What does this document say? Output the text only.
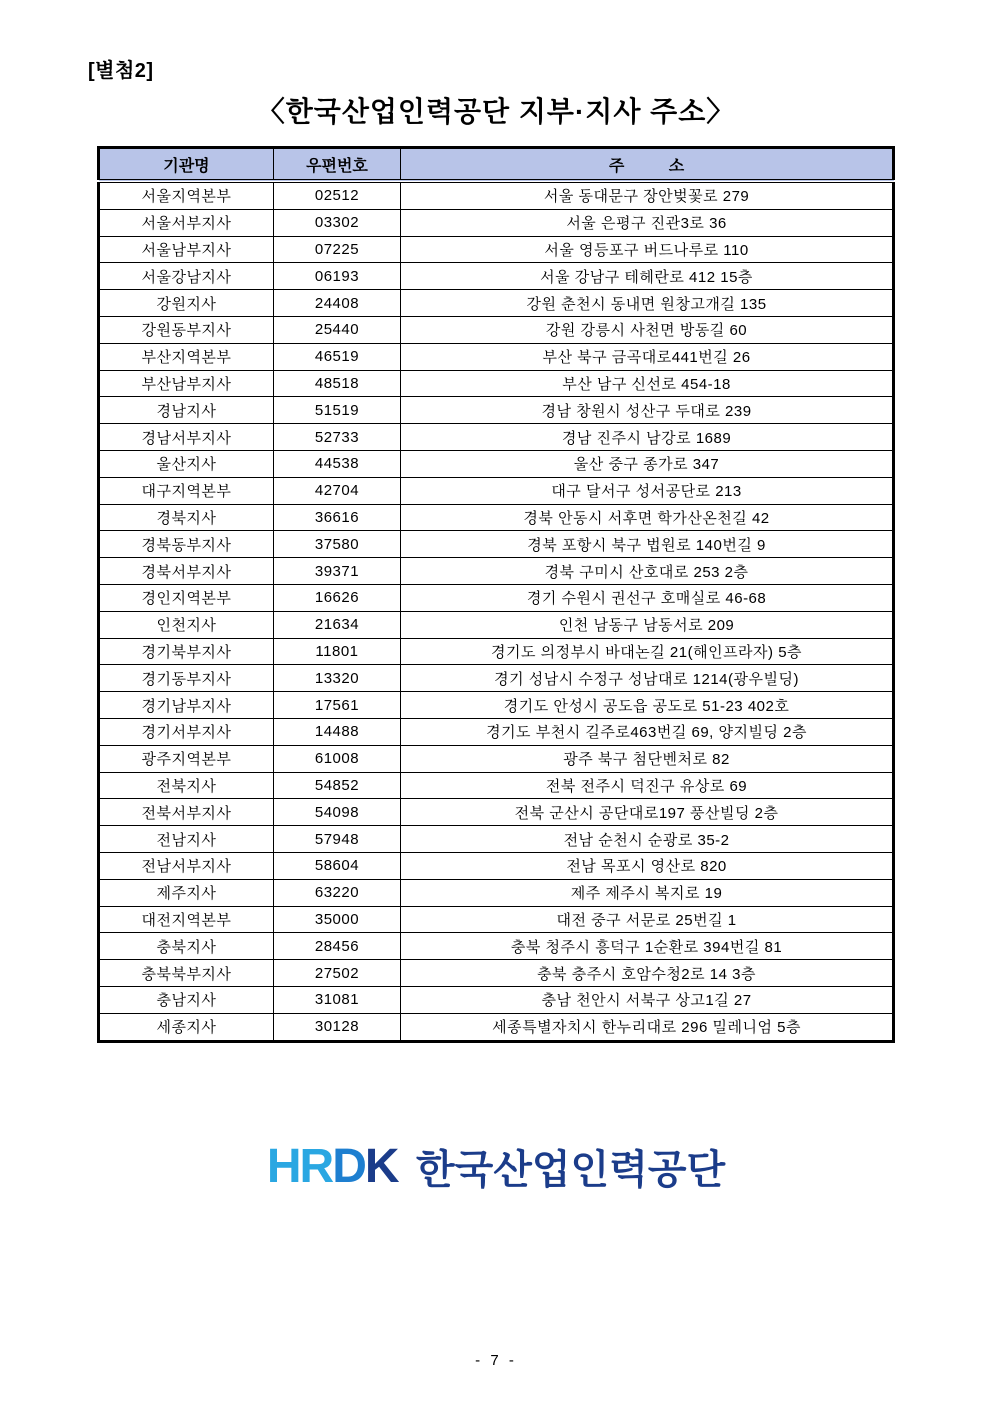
[별첨2]
〈한국산업인력공단 지부·지사 주소〉
기관명	우편번호	주          소
서울지역본부	02512	서울 동대문구 장안벚꽃로 279
서울서부지사	03302	서울 은평구 진관3로 36
서울남부지사	07225	서울 영등포구 버드나루로 110
서울강남지사	06193	서울 강남구 테헤란로 412 15층
강원지사	24408	강원 춘천시 동내면 원창고개길 135
강원동부지사	25440	강원 강릉시 사천면 방동길 60
부산지역본부	46519	부산 북구 금곡대로441번길 26
부산남부지사	48518	부산 남구 신선로 454-18
경남지사	51519	경남 창원시 성산구 두대로 239
경남서부지사	52733	경남 진주시 남강로 1689
울산지사	44538	울산 중구 종가로 347
대구지역본부	42704	대구 달서구 성서공단로 213
경북지사	36616	경북 안동시 서후면 학가산온천길 42
경북동부지사	37580	경북 포항시 북구 법원로 140번길 9
경북서부지사	39371	경북 구미시 산호대로 253 2층
경인지역본부	16626	경기 수원시 권선구 호매실로 46-68
인천지사	21634	인천 남동구 남동서로 209
경기북부지사	11801	경기도 의정부시 바대논길 21(해인프라자) 5층
경기동부지사	13320	경기 성남시 수정구 성남대로 1214(광우빌딩)
경기남부지사	17561	경기도 안성시 공도읍 공도로 51-23 402호
경기서부지사	14488	경기도 부천시 길주로463번길 69, 양지빌딩 2층
광주지역본부	61008	광주 북구 첨단벤처로 82
전북지사	54852	전북 전주시 덕진구 유상로 69
전북서부지사	54098	전북 군산시 공단대로197 풍산빌딩 2층
전남지사	57948	전남 순천시 순광로 35-2
전남서부지사	58604	전남 목포시 영산로 820
제주지사	63220	제주 제주시 복지로 19
대전지역본부	35000	대전 중구 서문로 25번길 1
충북지사	28456	충북 청주시 흥덕구 1순환로 394번길 81
충북북부지사	27502	충북 충주시 호암수청2로 14 3층
충남지사	31081	충남 천안시 서북구 상고1길 27
세종지사	30128	세종특별자치시 한누리대로 296 밀레니엄 5층
HRDK 한국산업인력공단
- 7 -
